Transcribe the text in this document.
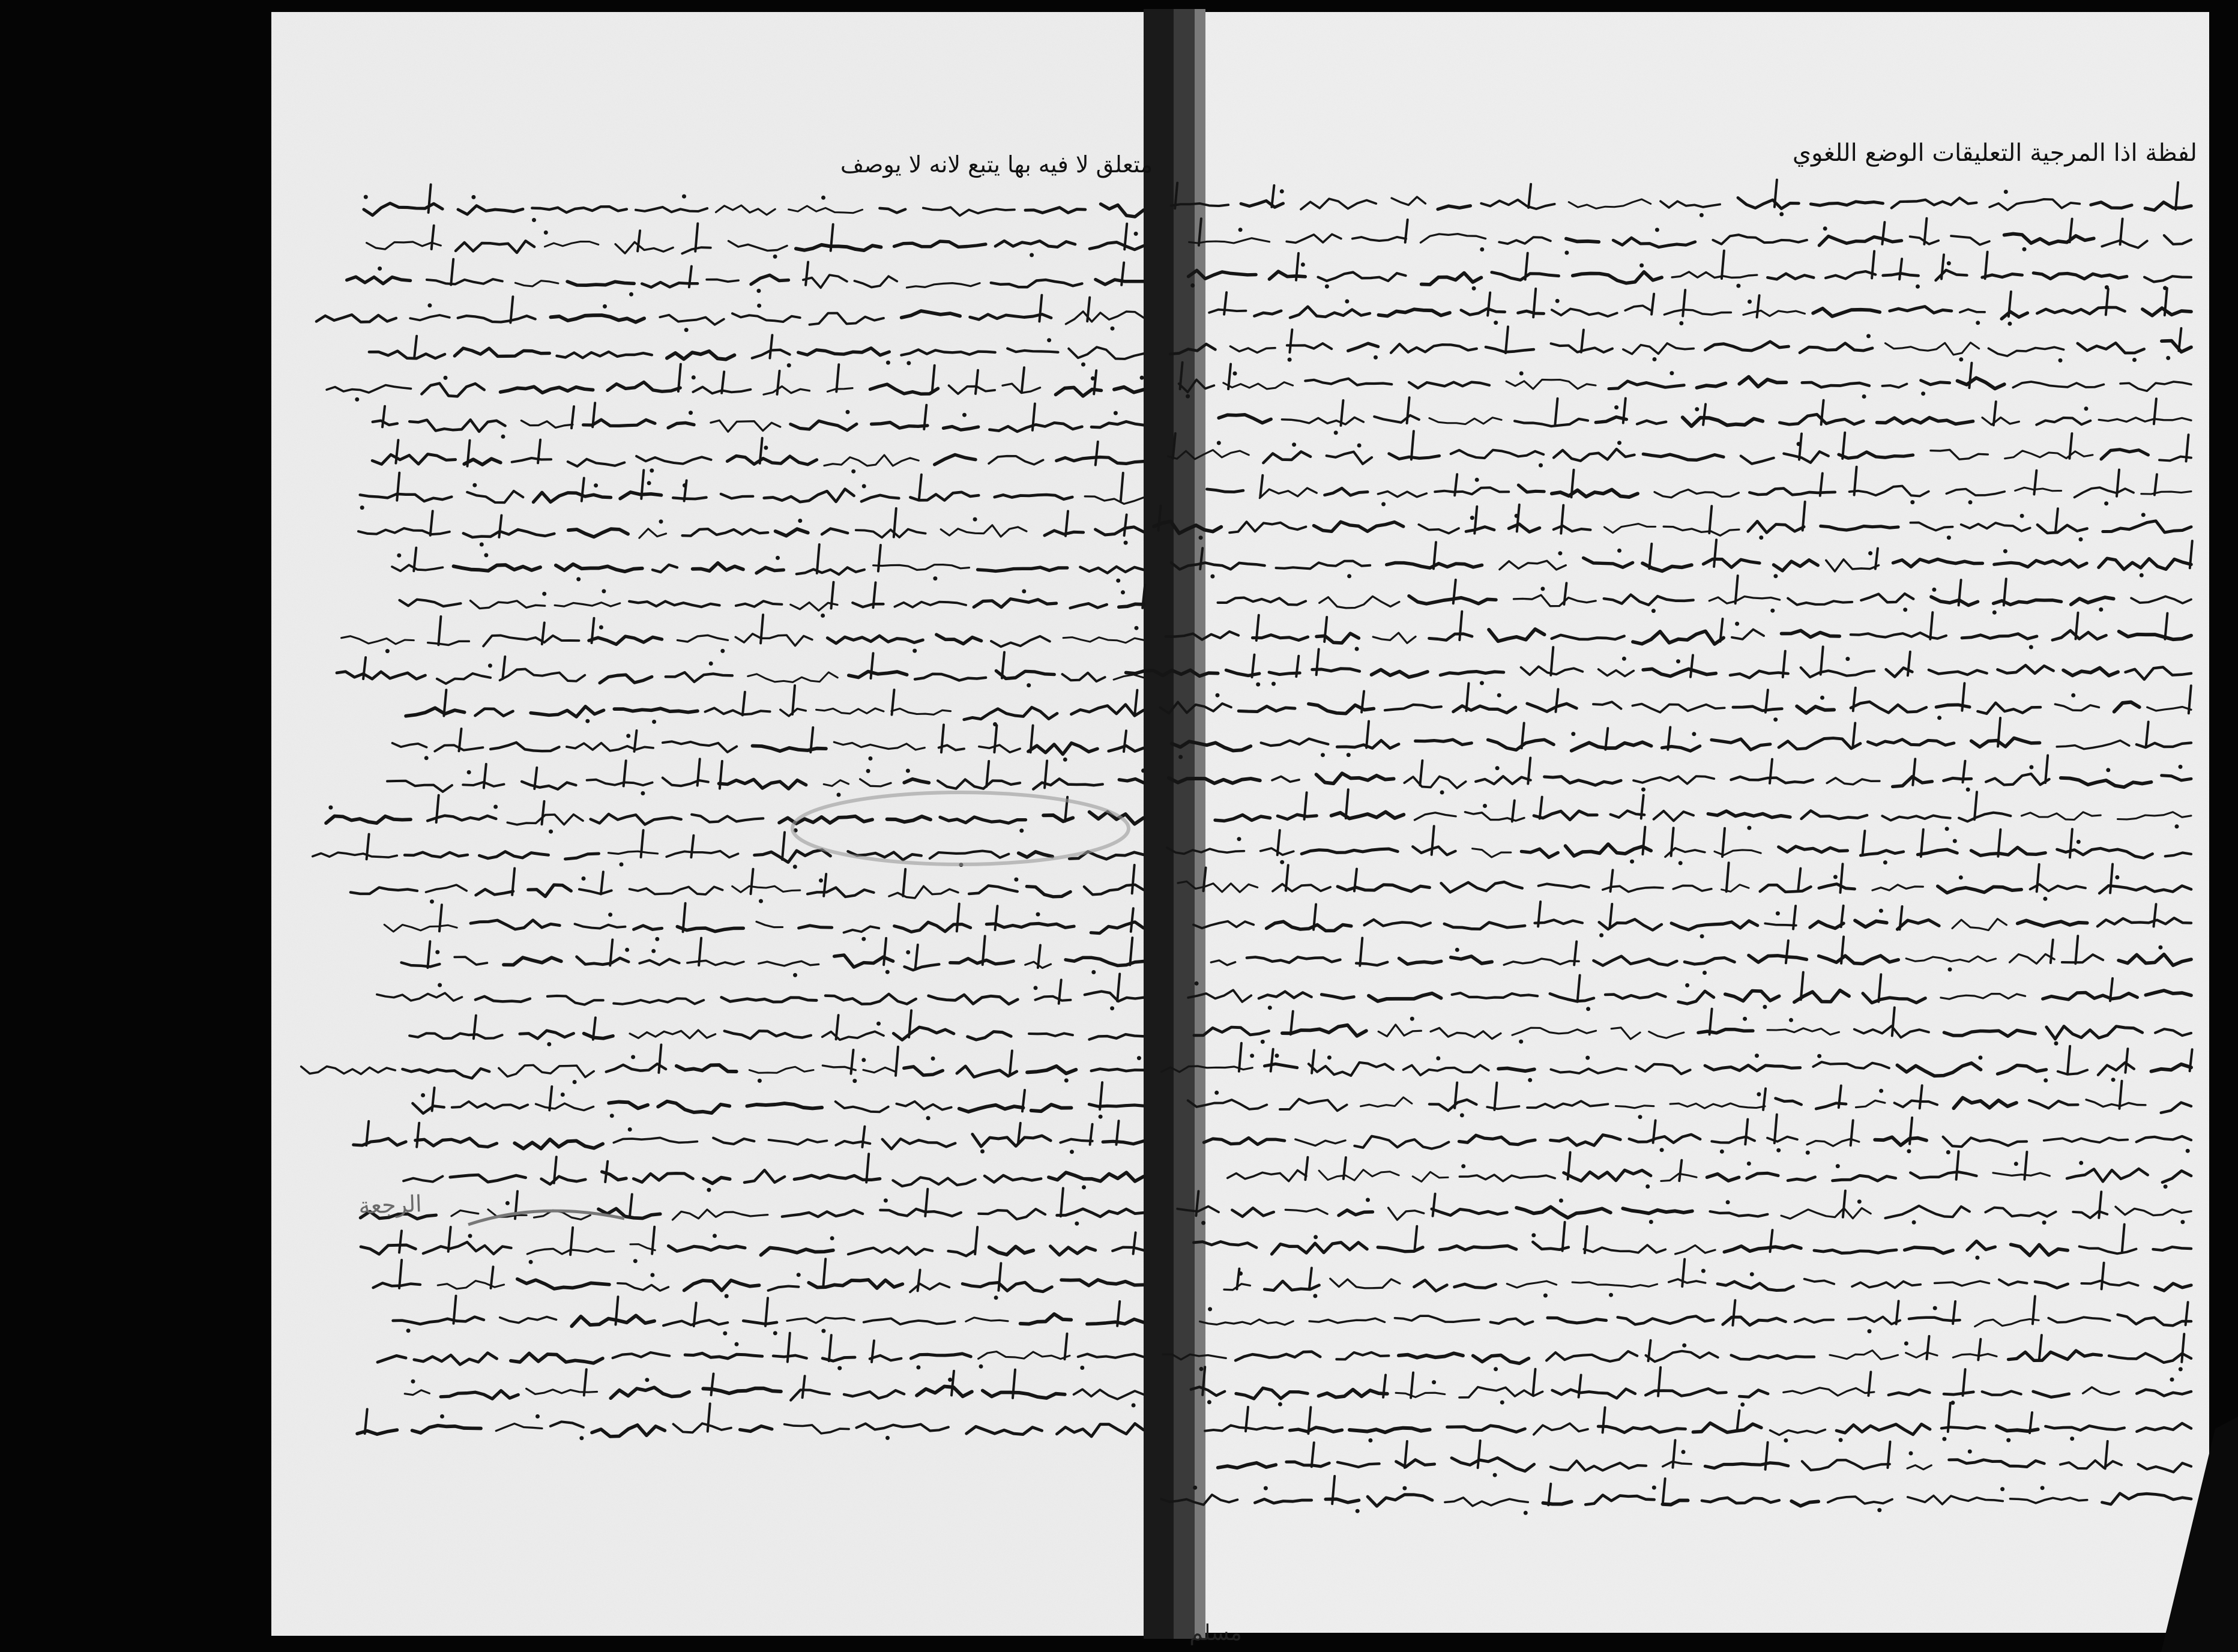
لفظة اذا المرجية التعليقات الوضع اللغوي
متعلق لا فيه بها يتبع لانه لا يوصف
الرجعة
مسلم
